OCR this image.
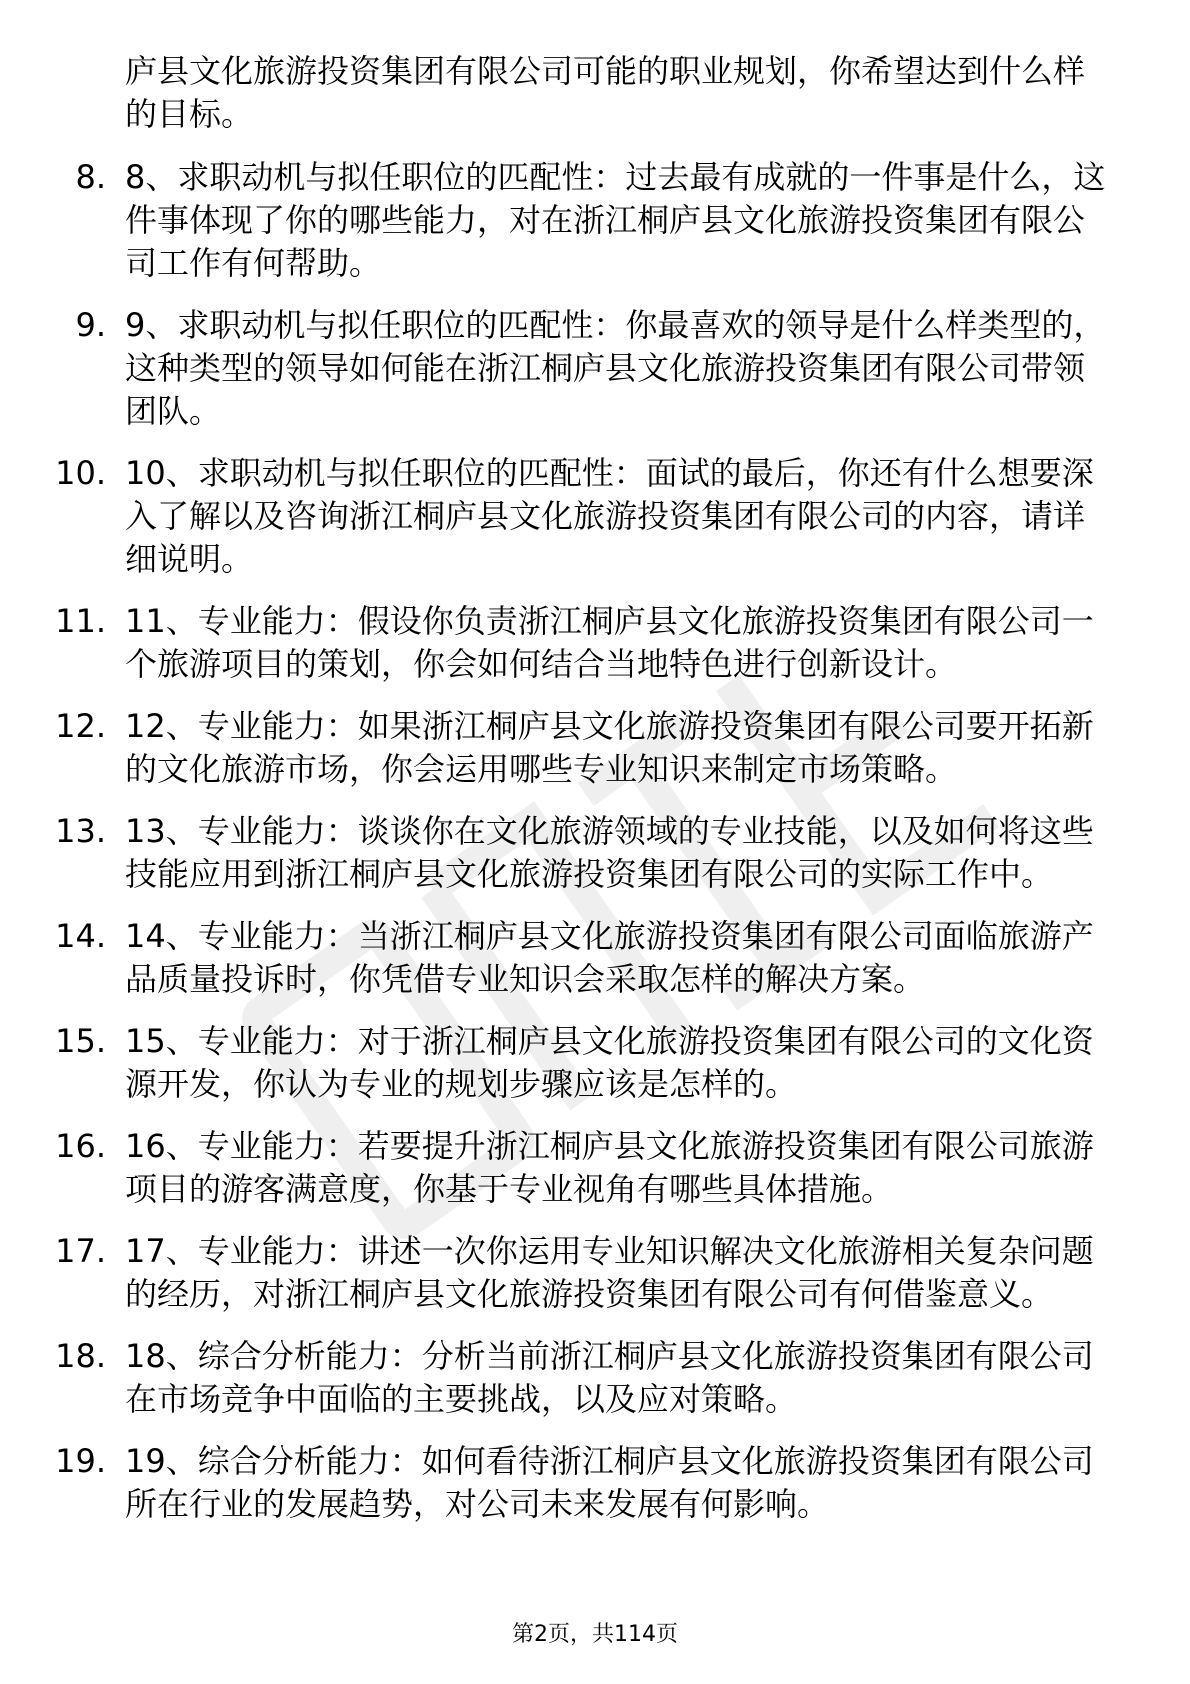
庐县文化旅游投资集团有限公司可能的职业规划，你希望达到什么样的目标。

8. 8、求职动机与拟任职位的匹配性：过去最有成就的一件事是什么，这件事体现了你的哪些能力，对在浙江桐庐县文化旅游投资集团有限公司工作有何帮助。
9. 9、求职动机与拟任职位的匹配性：你最喜欢的领导是什么样类型的，这种类型的领导如何能在浙江桐庐县文化旅游投资集团有限公司带领团队。
10. 10、求职动机与拟任职位的匹配性：面试的最后，你还有什么想要深入了解以及咨询浙江桐庐县文化旅游投资集团有限公司的内容，请详细说明。
11. 11、专业能力：假设你负责浙江桐庐县文化旅游投资集团有限公司一个旅游项目的策划，你会如何结合当地特色进行创新设计。
12. 12、专业能力：如果浙江桐庐县文化旅游投资集团有限公司要开拓新的文化旅游市场，你会运用哪些专业知识来制定市场策略。
13. 13、专业能力：谈谈你在文化旅游领域的专业技能，以及如何将这些技能应用到浙江桐庐县文化旅游投资集团有限公司的实际工作中。
14. 14、专业能力：当浙江桐庐县文化旅游投资集团有限公司面临旅游产品质量投诉时，你凭借专业知识会采取怎样的解决方案。
15. 15、专业能力：对于浙江桐庐县文化旅游投资集团有限公司的文化资源开发，你认为专业的规划步骤应该是怎样的。
16. 16、专业能力：若要提升浙江桐庐县文化旅游投资集团有限公司旅游项目的游客满意度，你基于专业视角有哪些具体措施。
17. 17、专业能力：讲述一次你运用专业知识解决文化旅游相关复杂问题的经历，对浙江桐庐县文化旅游投资集团有限公司有何借鉴意义。
18. 18、综合分析能力：分析当前浙江桐庐县文化旅游投资集团有限公司在市场竞争中面临的主要挑战，以及应对策略。
19. 19、综合分析能力：如何看待浙江桐庐县文化旅游投资集团有限公司所在行业的发展趋势，对公司未来发展有何影响。
第2页，共114页
